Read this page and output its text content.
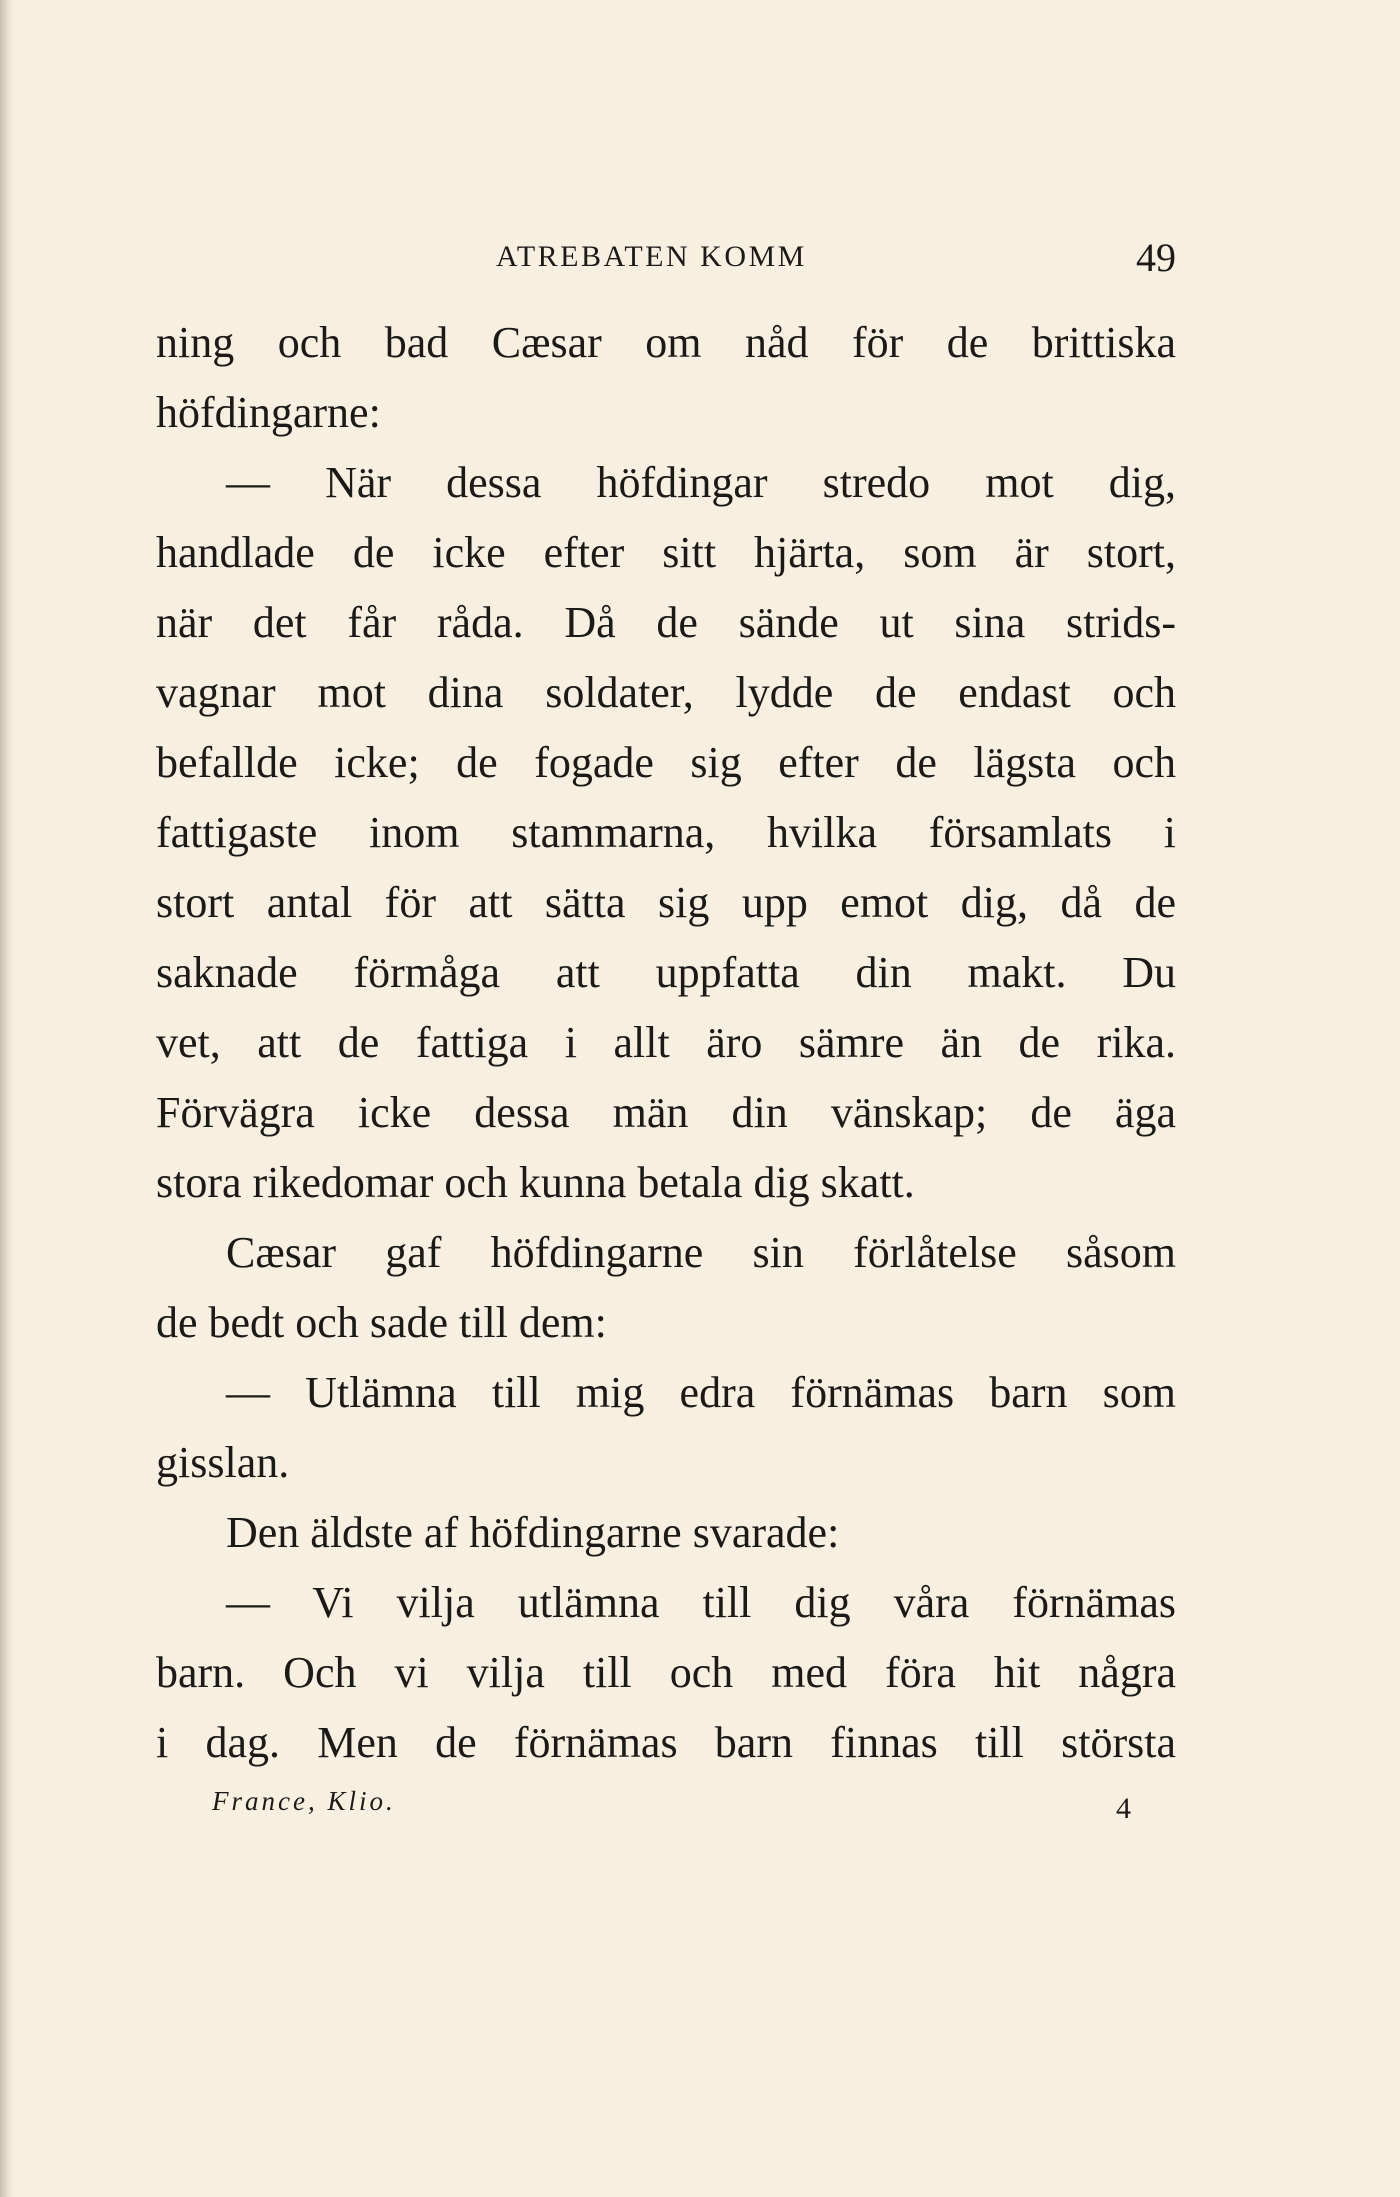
ATREBATEN KOMM	49
ning och bad Cæsar om nåd för de brittiska
höfdingarne:
— När dessa höfdingar stredo mot dig,
handlade de icke efter sitt hjärta, som är stort,
när det får råda. Då de sände ut sina strids-
vagnar mot dina soldater, lydde de endast och
befallde icke; de fogade sig efter de lägsta och
fattigaste inom stammarna, hvilka församlats i
stort antal för att sätta sig upp emot dig, då de
saknade förmåga att uppfatta din makt. Du
vet, att de fattiga i allt äro sämre än de rika.
Förvägra icke dessa män din vänskap; de äga
stora rikedomar och kunna betala dig skatt.
Cæsar gaf höfdingarne sin förlåtelse såsom
de bedt och sade till dem:
— Utlämna till mig edra förnämas barn som
gisslan.
Den äldste af höfdingarne svarade:
— Vi vilja utlämna till dig våra förnämas
barn. Och vi vilja till och med föra hit några
i dag. Men de förnämas barn finnas till största
France, Klio.	4
